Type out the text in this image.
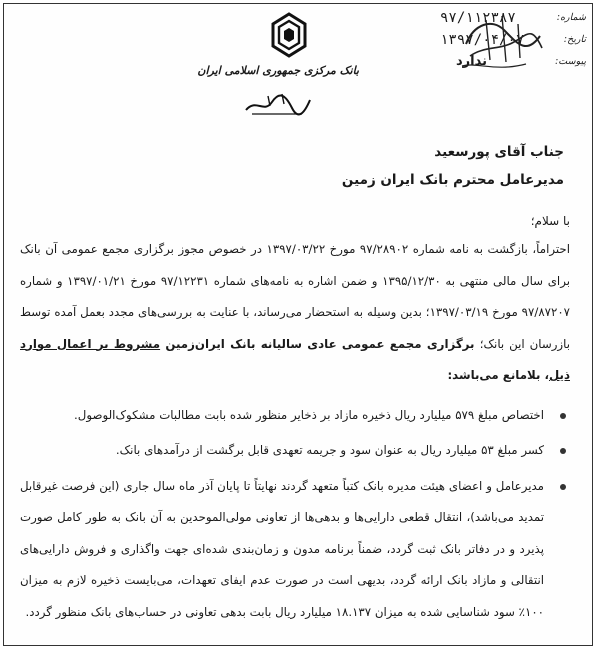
شماره:
۹۷/۱۱۲۳۸۷
تاریخ:
۱۳۹۷/۰۴/۰۷
پیوست:
ندارد
بانک مرکزی جمهوری اسلامی ایران
جناب آقای پورسعید
مدیرعامل محترم بانک ایران زمین
با سلام؛
احتراماً، بازگشت به نامه شماره ۹۷/۲۸۹۰۲ مورخ ۱۳۹۷/۰۳/۲۲ در خصوص مجوز برگزاری مجمع عمومی آن بانک برای سال مالی منتهی به ۱۳۹۵/۱۲/۳۰ و ضمن اشاره به نامه‌های شماره ۹۷/۱۲۲۳۱ مورخ ۱۳۹۷/۰۱/۲۱ و شماره ۹۷/۸۷۲۰۷ مورخ ۱۳۹۷/۰۳/۱۹؛ بدین وسیله به استحضار می‌رساند، با عنایت به بررسی‌های مجدد بعمل آمده توسط بازرسان این بانک؛ برگزاری مجمع عمومی عادی سالیانه بانک ایران‌زمین مشروط بر اعمال موارد ذیل، بلامانع می‌باشد:
اختصاص مبلغ ۵۷۹ میلیارد ریال ذخیره مازاد بر ذخایر منظور شده بابت مطالبات مشکوک‌الوصول.
کسر مبلغ ۵۳ میلیارد ریال به عنوان سود و جریمه تعهدی قابل برگشت از درآمدهای بانک.
مدیرعامل و اعضای هیئت مدیره بانک کتباً متعهد گردند نهایتاً تا پایان آذر ماه سال جاری (این فرصت غیرقابل تمدید می‌باشد)، انتقال قطعی دارایی‌ها و بدهی‌ها از تعاونی مولی‌الموحدین به آن بانک به طور کامل صورت پذیرد و در دفاتر بانک ثبت گردد، ضمناً برنامه مدون و زمان‌بندی شده‌ای جهت واگذاری و فروش دارایی‌های انتقالی و مازاد بانک ارائه گردد، بدیهی است در صورت عدم ایفای تعهدات، می‌بایست ذخیره لازم به میزان ۱۰۰٪ سود شناسایی شده به میزان ۱۸.۱۳۷ میلیارد ریال بابت بدهی تعاونی در حساب‌های بانک منظور گردد.
